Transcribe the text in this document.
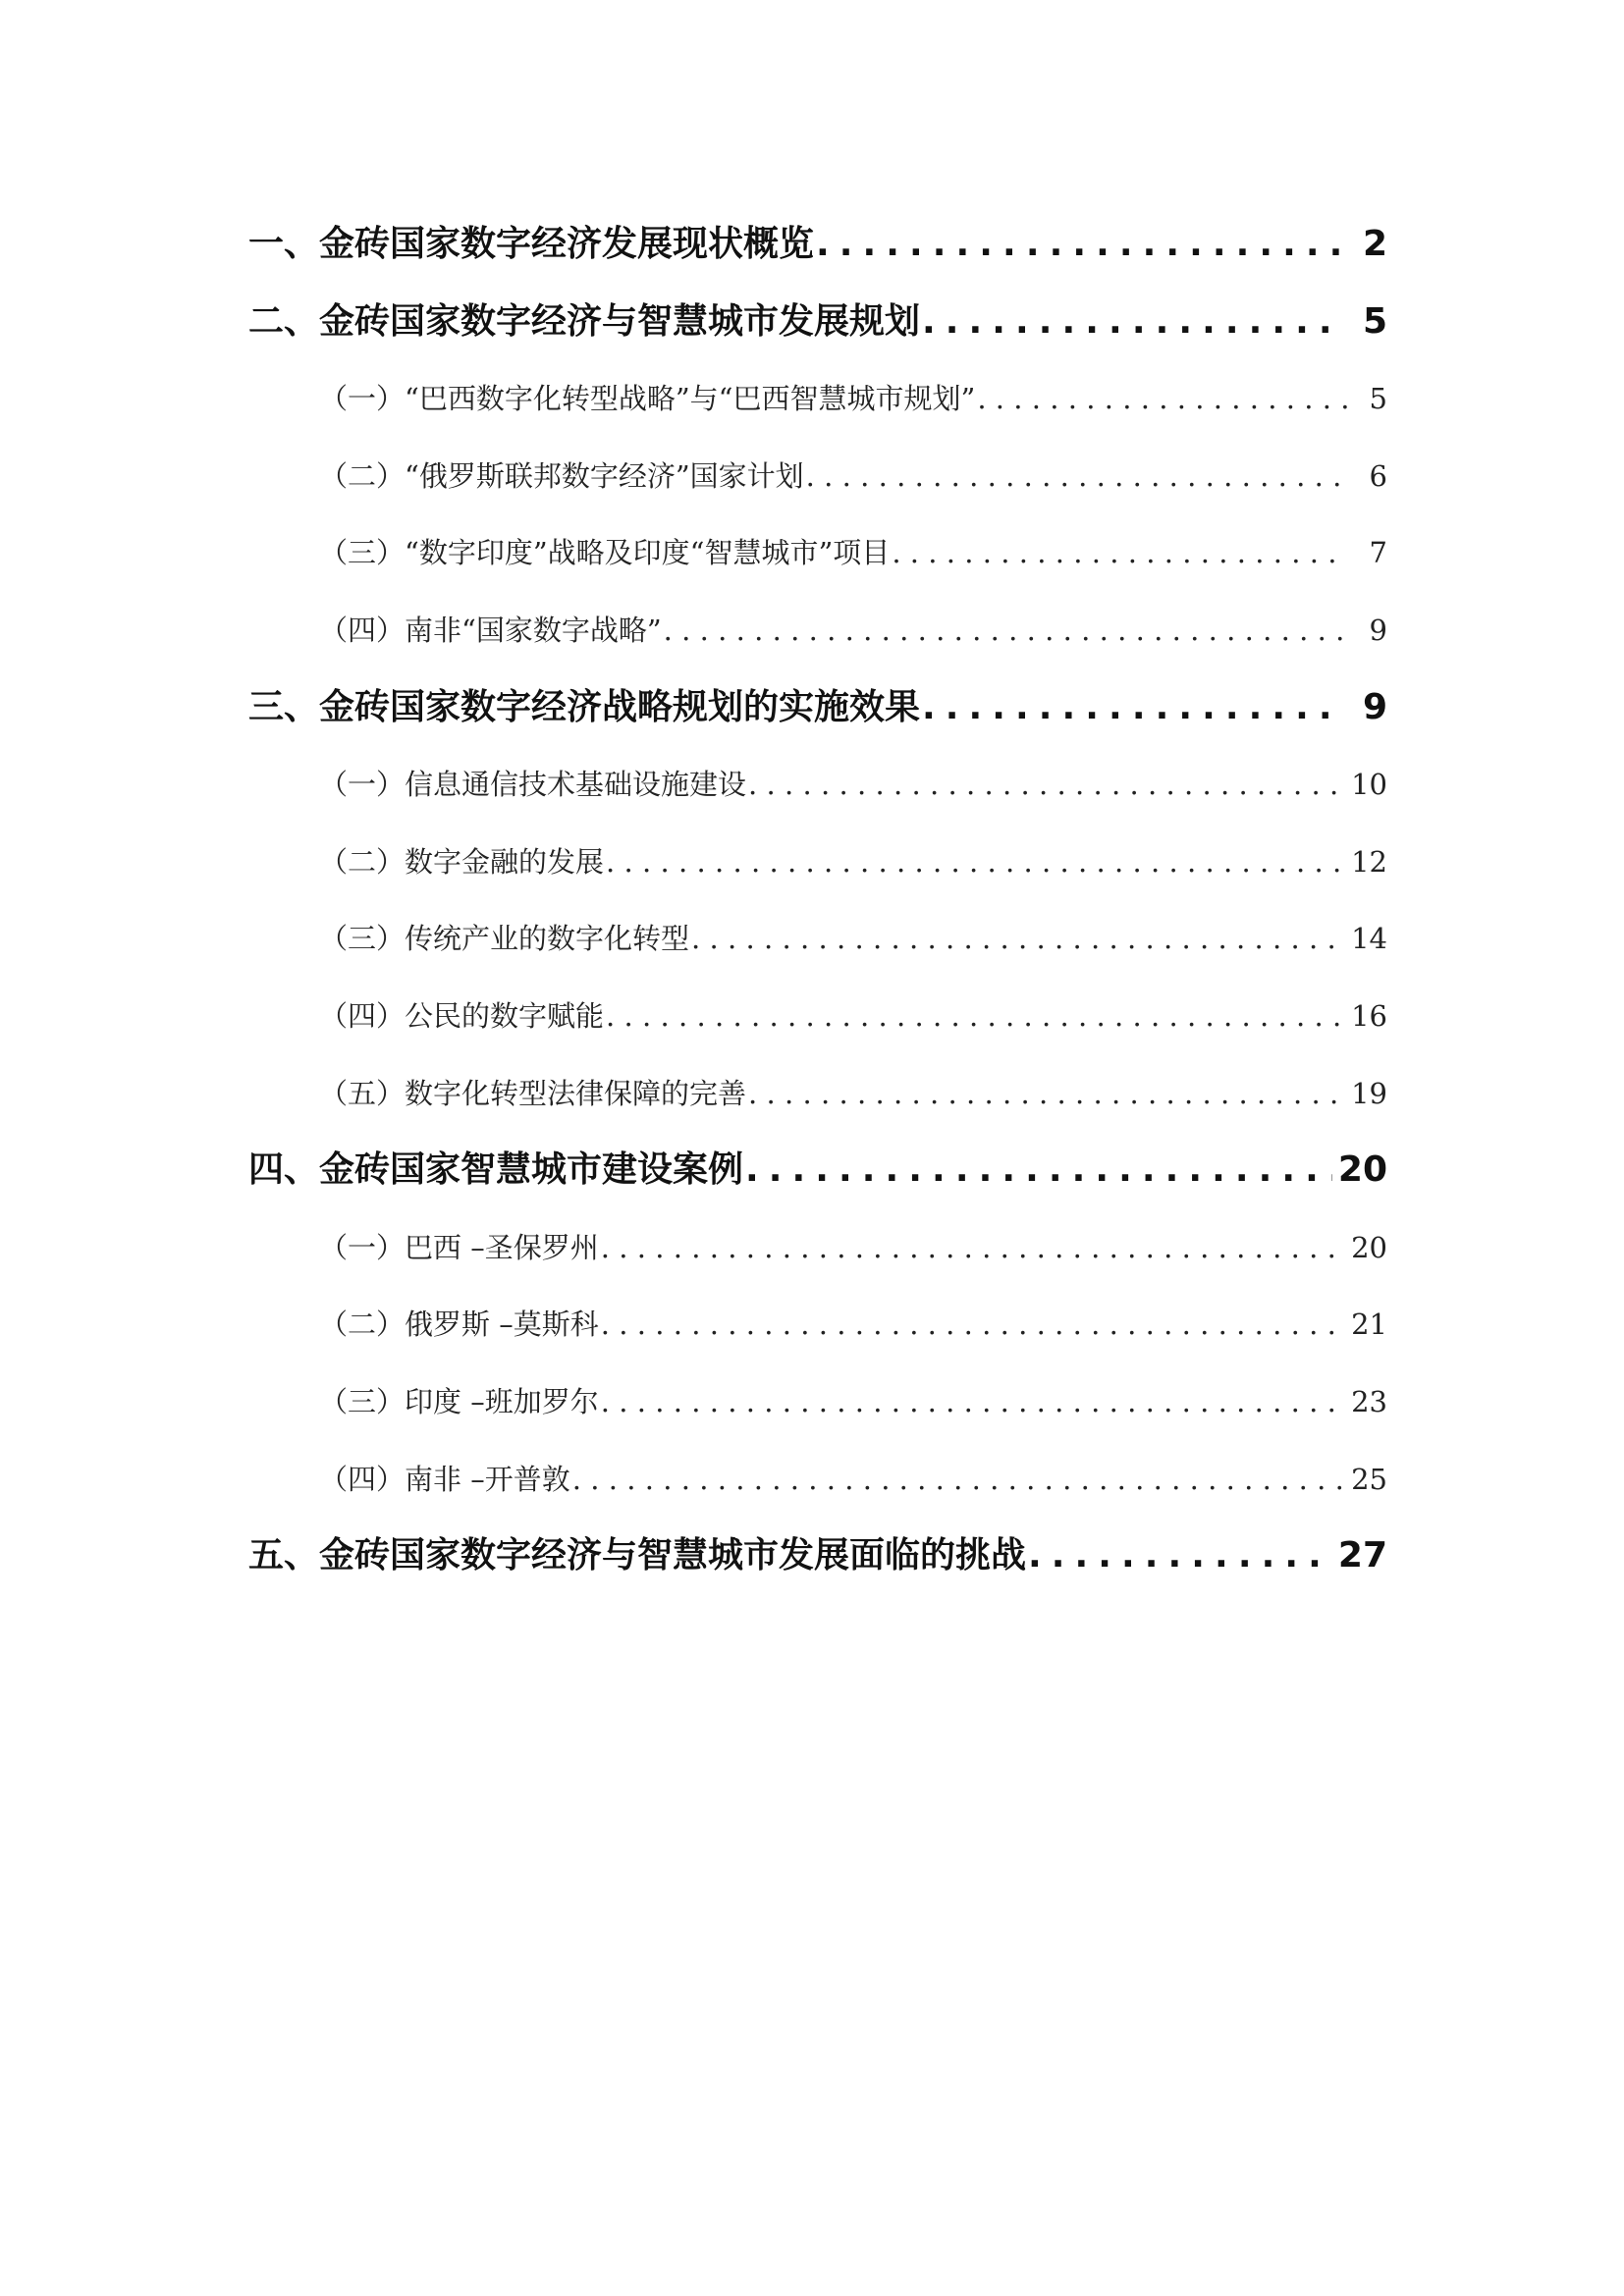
一、金砖国家数字经济发展现状概览 .....	2
二、金砖国家数字经济与智慧城市发展规划 .....	5
（一）“巴西数字化转型战略”与“巴西智慧城市规划” .....	5
（二）“俄罗斯联邦数字经济”国家计划 .....	6
（三）“数字印度”战略及印度“智慧城市”项目 .....	7
（四）南非“国家数字战略” .....	9
三、金砖国家数字经济战略规划的实施效果 .....	9
（一）信息通信技术基础设施建设 .....	10
（二）数字金融的发展 .....	12
（三）传统产业的数字化转型 .....	14
（四）公民的数字赋能 .....	16
（五）数字化转型法律保障的完善 .....	19
四、金砖国家智慧城市建设案例 .....	20
（一）巴西 –圣保罗州 .....	20
（二）俄罗斯 –莫斯科 .....	21
（三）印度 –班加罗尔 .....	23
（四）南非 –开普敦 .....	25
五、金砖国家数字经济与智慧城市发展面临的挑战 .....	27
